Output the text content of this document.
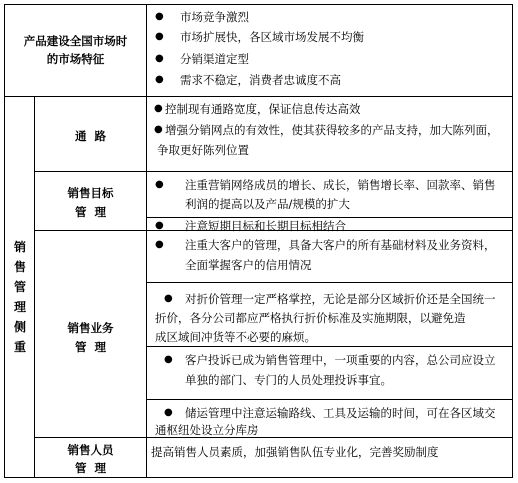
产品建设全国市场时
的市场特征
● 市场竞争激烈
● 市场扩展快，各区域市场发展不均衡
● 分销渠道定型
● 需求不稳定，消费者忠诚度不高
销
售
管
理
侧
重
通  路
● 控制现有通路宽度，保证信息传达高效
● 增强分销网点的有效性，使其获得较多的产品支持，加大陈列面，
争取更好陈列位置
销售目标
管  理
● 注重营销网络成员的增长、成长，销售增长率、回款率、销售
利润的提高以及产品/规模的扩大
● 注意短期目标和长期目标相结合
销售业务
管  理
● 注重大客户的管理，具备大客户的所有基础材料及业务资料，
全面掌握客户的信用情况
● 对折价管理一定严格掌控，无论是部分区域折价还是全国统一
折价，各分公司都应严格执行折价标准及实施期限，以避免造
成区域间冲货等不必要的麻烦。
● 客户投诉已成为销售管理中，一项重要的内容，总公司应设立
单独的部门、专门的人员处理投诉事宜。
● 储运管理中注意运输路线、工具及运输的时间，可在各区域交
通枢纽处设立分库房
销售人员
管  理
提高销售人员素质，加强销售队伍专业化，完善奖励制度
